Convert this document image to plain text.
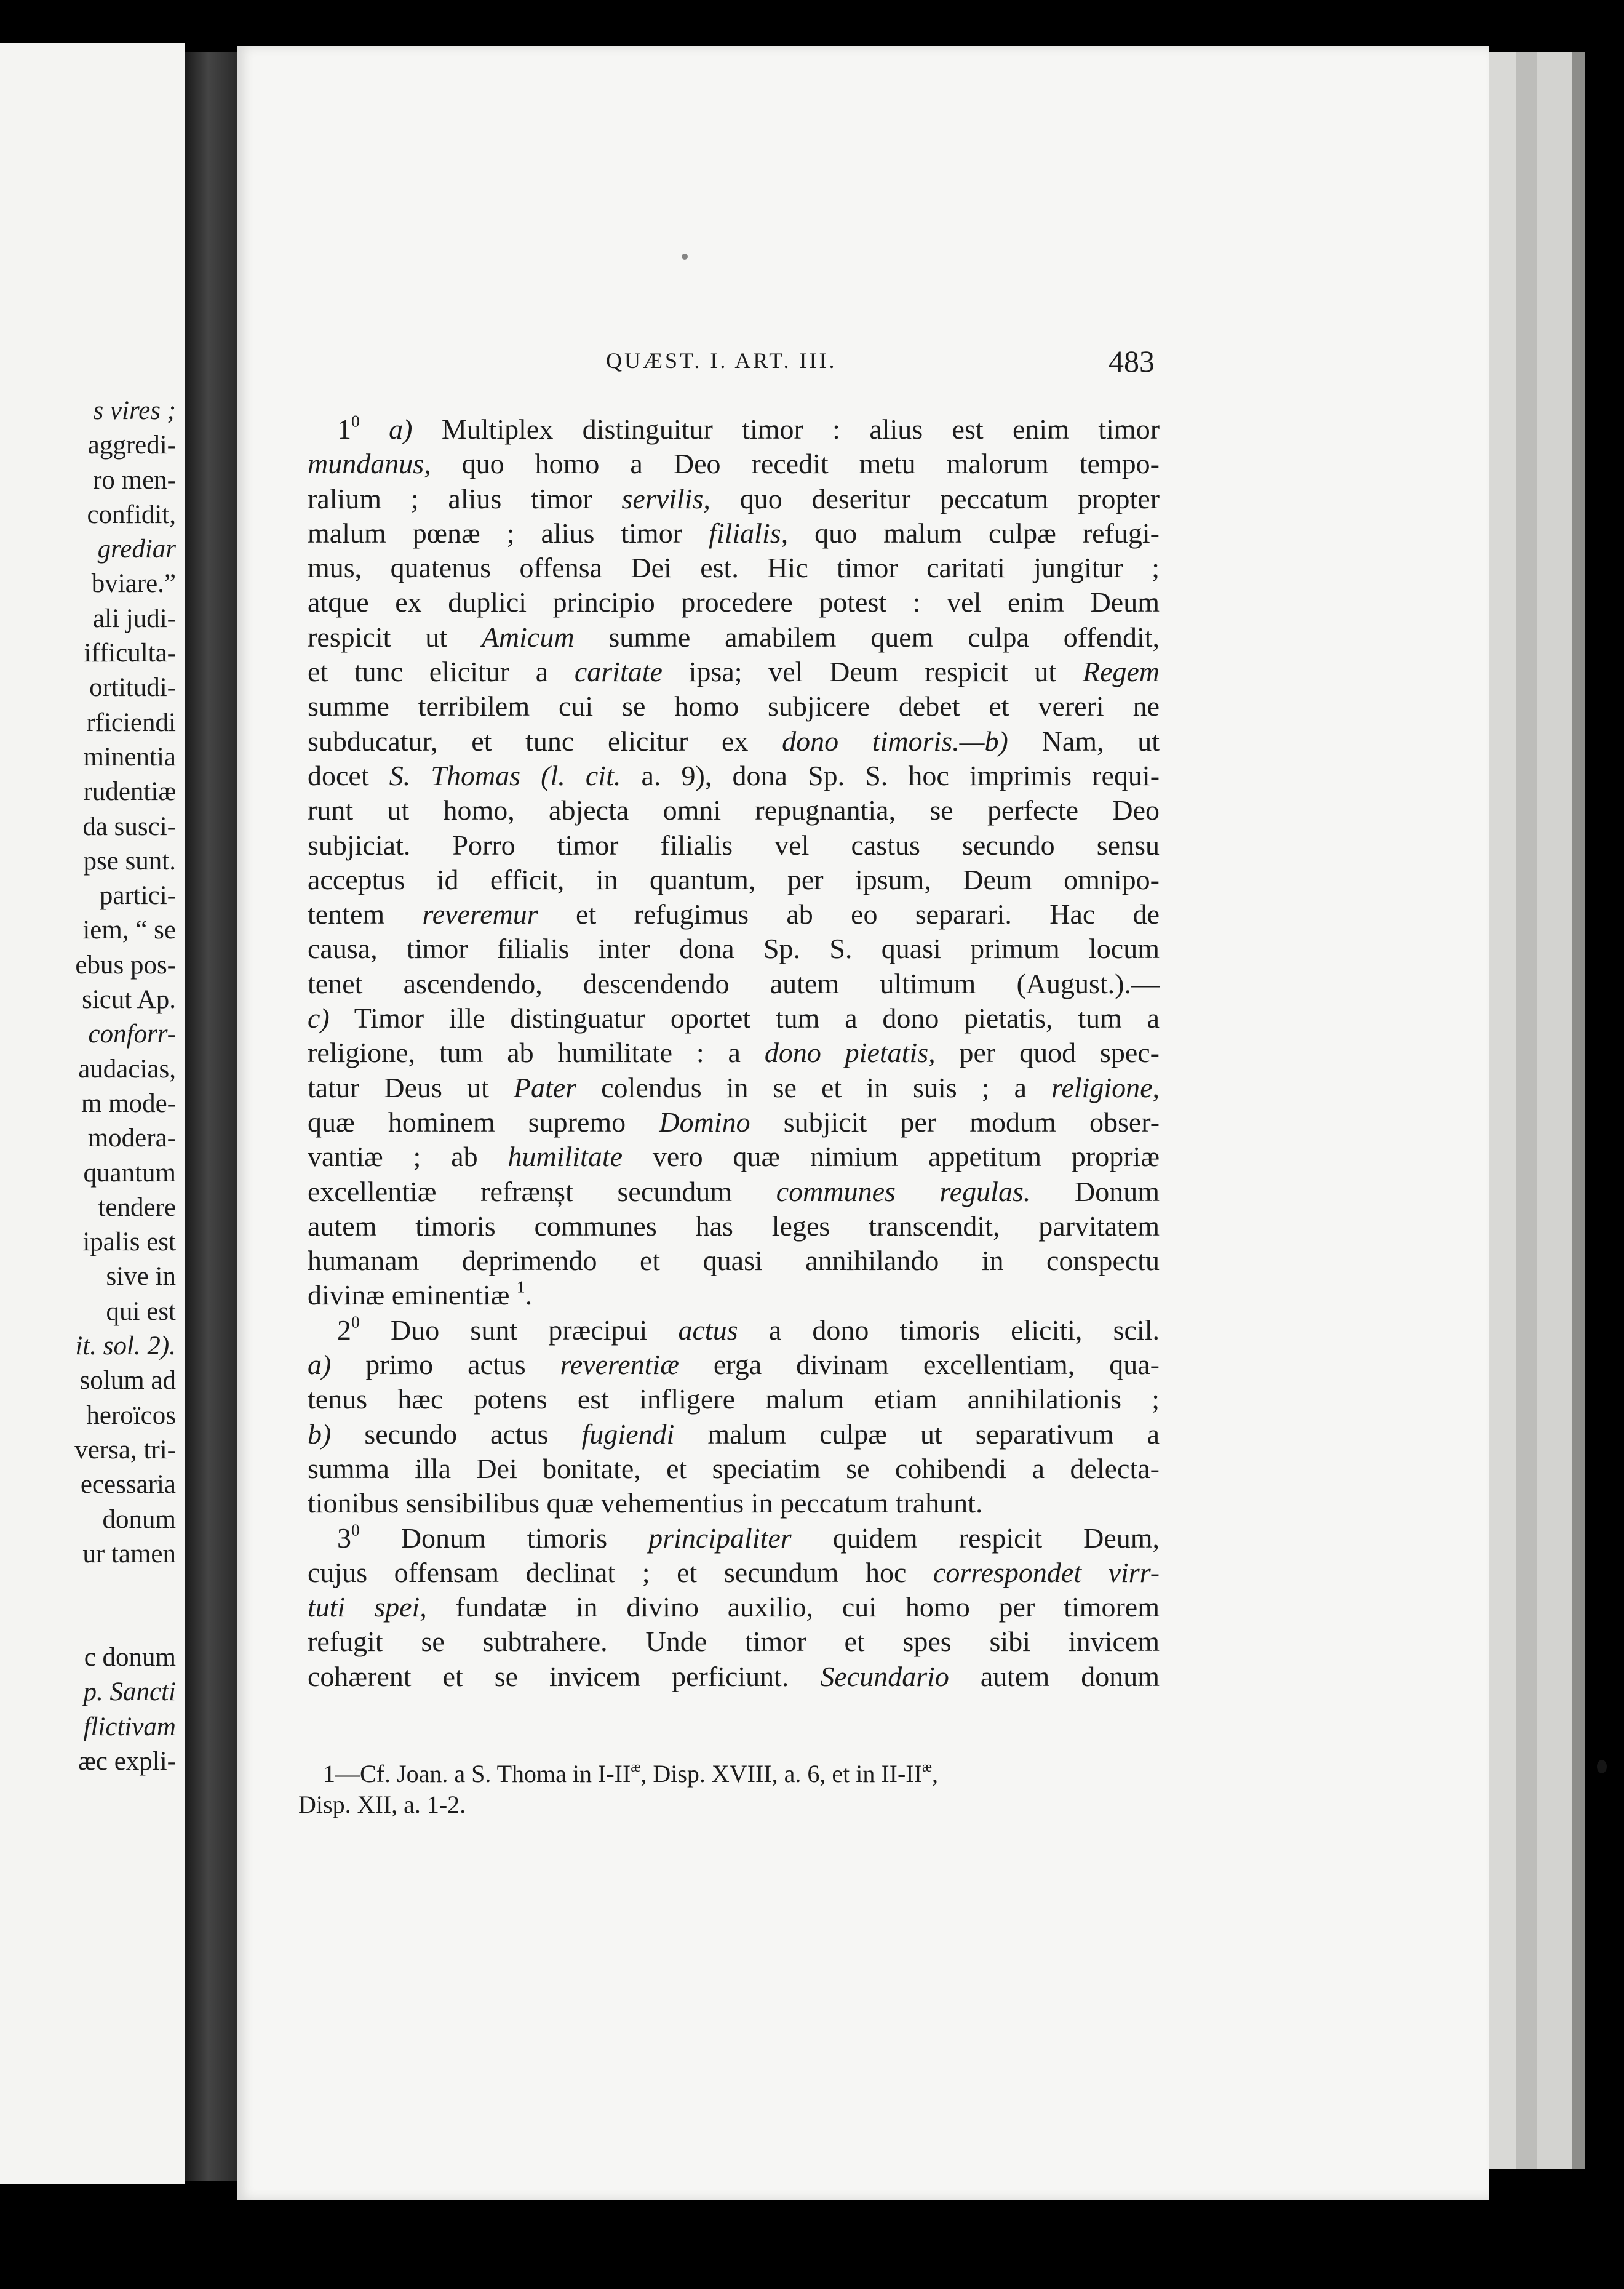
s vires ;
aggredi-
ro men-
confidit,
grediar
bviare.”
ali judi-
ifficulta-
ortitudi-
rficiendi
minentia
rudentiæ
da susci-
pse sunt.
partici-
iem, “ se
ebus pos-
sicut Ap.
conforr-
audacias,
m mode-
modera-
quantum
tendere
ipalis est
sive in
qui est
it. sol. 2).
solum ad
heroïcos
versa, tri-
ecessaria
donum
ur tamen
c donum
p. Sancti
flictivam
æc expli-
QUÆST. I. ART. III.	483
$1^0$ a) Multiplex distinguitur timor : alius est enim timor
mundanus, quo homo a Deo recedit metu malorum tempo-
ralium ; alius timor servilis, quo deseritur peccatum propter
malum pœnæ ; alius timor filialis, quo malum culpæ refugi-
mus, quatenus offensa Dei est. Hic timor caritati jungitur ;
atque ex duplici principio procedere potest : vel enim Deum
respicit ut Amicum summe amabilem quem culpa offendit,
et tunc elicitur a caritate ipsa; vel Deum respicit ut Regem
summe terribilem cui se homo subjicere debet et vereri ne
subducatur, et tunc elicitur ex dono timoris.—b) Nam, ut
docet S. Thomas (l. cit. a. 9), dona Sp. S. hoc imprimis requi-
runt ut homo, abjecta omni repugnantia, se perfecte Deo
subjiciat. Porro timor filialis vel castus secundo sensu
acceptus id efficit, in quantum, per ipsum, Deum omnipo-
tentem reveremur et refugimus ab eo separari. Hac de
causa, timor filialis inter dona Sp. S. quasi primum locum
tenet ascendendo, descendendo autem ultimum (August.).—
c) Timor ille distinguatur oportet tum a dono pietatis, tum a
religione, tum ab humilitate : a dono pietatis, per quod spec-
tatur Deus ut Pater colendus in se et in suis ; a religione,
quæ hominem supremo Domino subjicit per modum obser-
vantiæ ; ab humilitate vero quæ nimium appetitum propriæ
excellentiæ refrænșt secundum communes regulas. Donum
autem timoris communes has leges transcendit, parvitatem
humanam deprimendo et quasi annihilando in conspectu
divinæ eminentiæ $^1$.
$2^0$ Duo sunt præcipui actus a dono timoris eliciti, scil.
a) primo actus reverentiæ erga divinam excellentiam, qua-
tenus hæc potens est infligere malum etiam annihilationis ;
b) secundo actus fugiendi malum culpæ ut separativum a
summa illa Dei bonitate, et speciatim se cohibendi a delecta-
tionibus sensibilibus quæ vehementius in peccatum trahunt.
$3^0$ Donum timoris principaliter quidem respicit Deum,
cujus offensam declinat ; et secundum hoc correspondet virr-
tuti spei, fundatæ in divino auxilio, cui homo per timorem
refugit se subtrahere. Unde timor et spes sibi invicem
cohærent et se invicem perficiunt. Secundario autem donum
1—Cf. Joan. a S. Thoma in $I-II^æ$, Disp. XVIII, a. 6, et in $II-II^æ$,
Disp. XII, a. 1-2.
